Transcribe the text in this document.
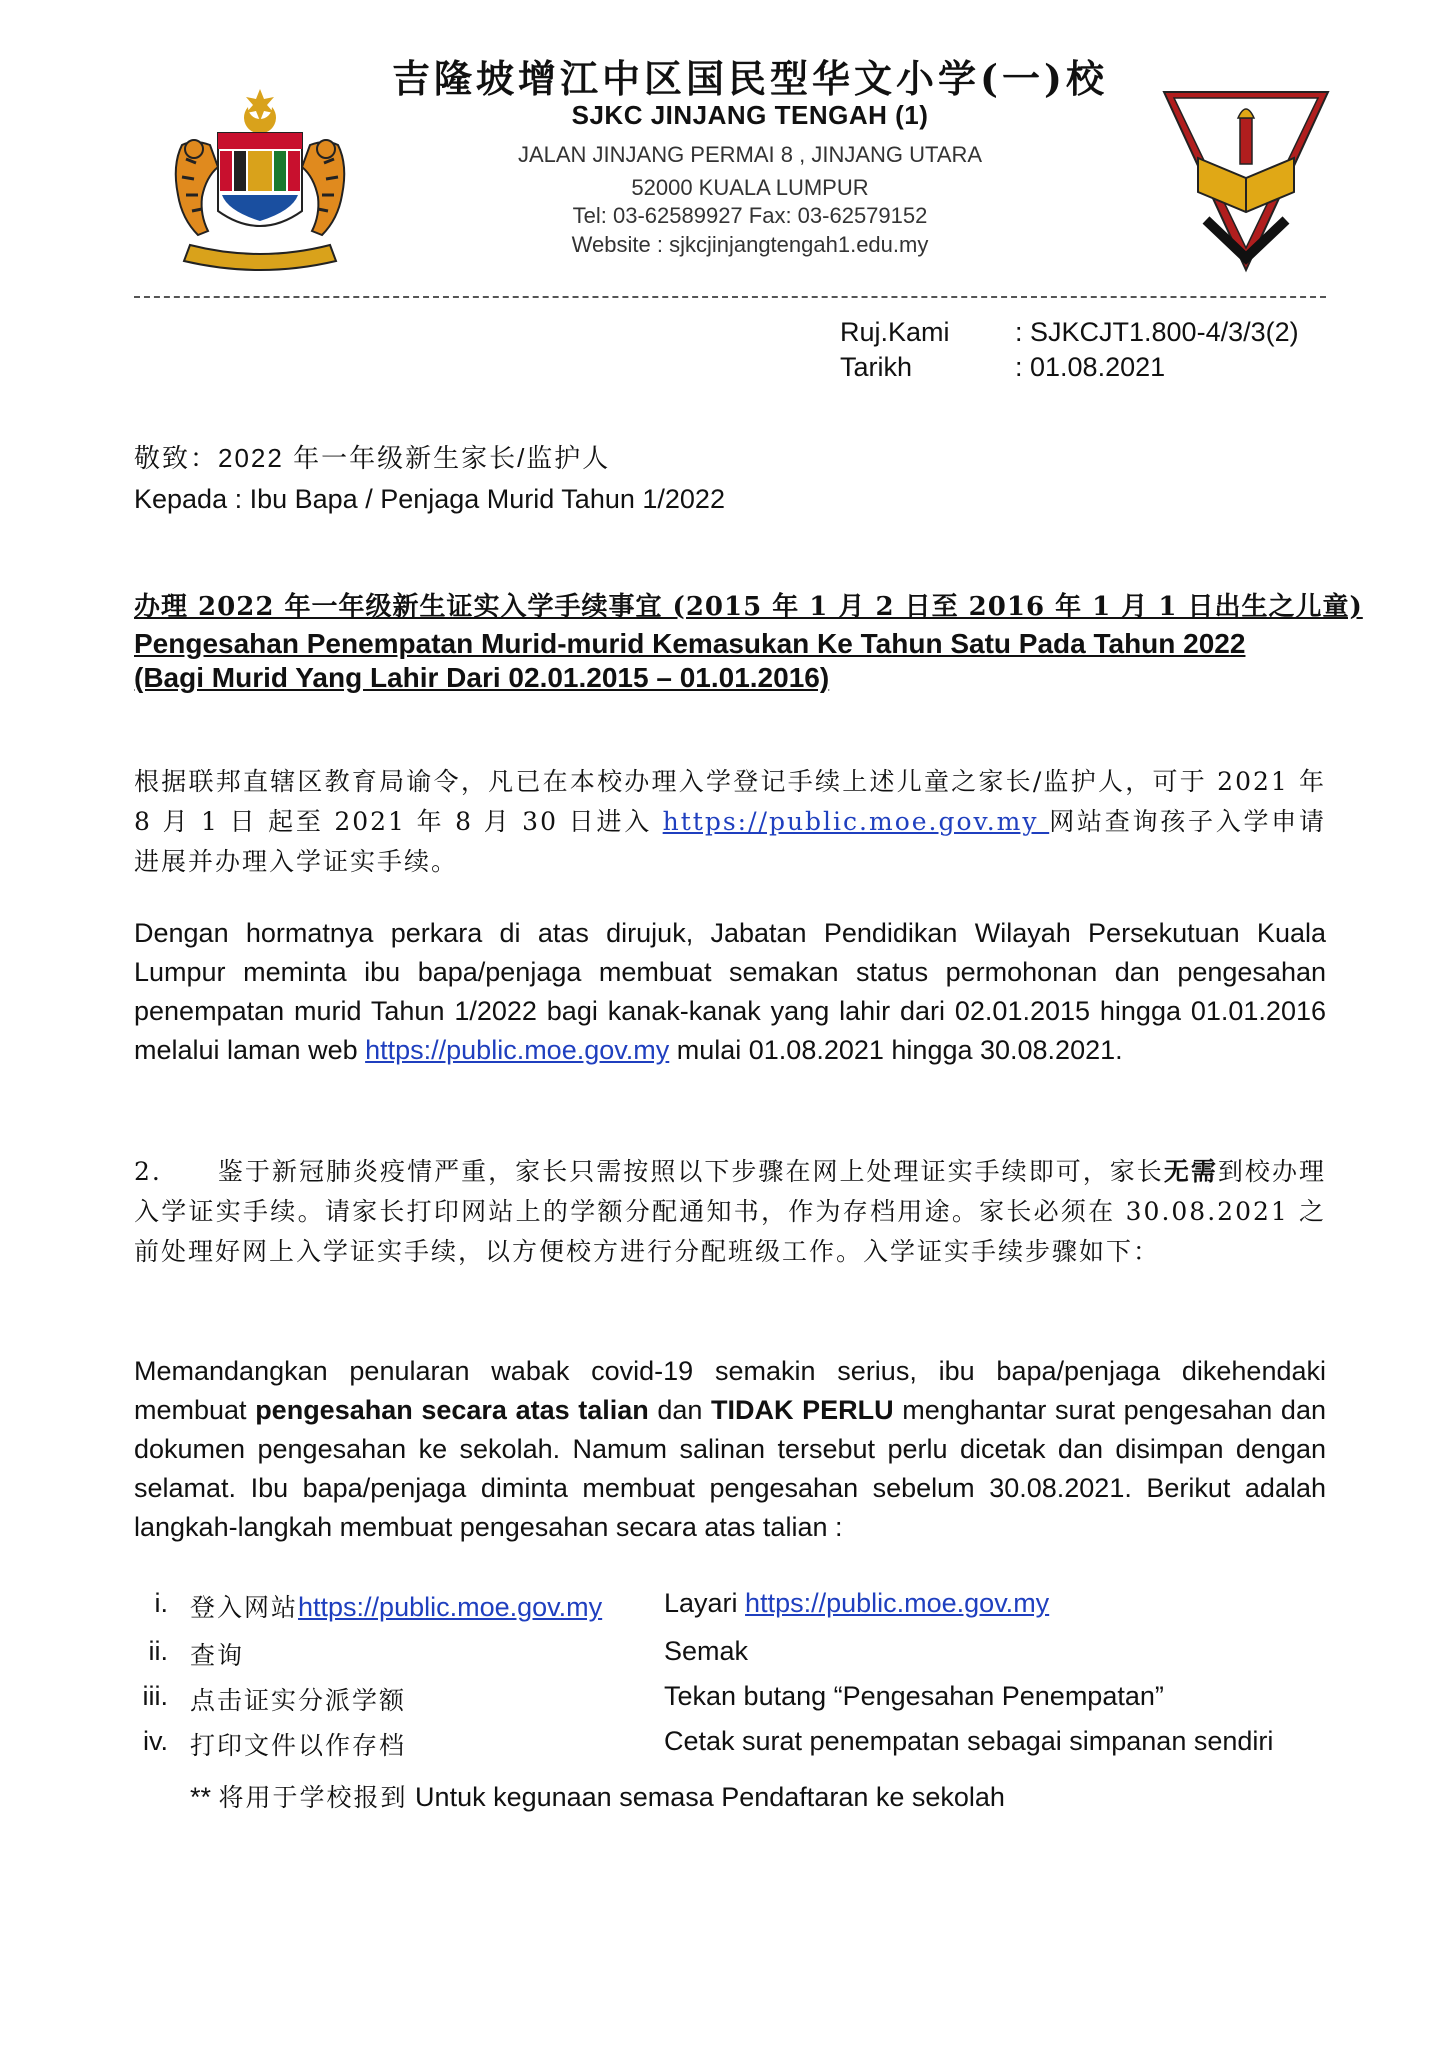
吉隆坡增江中区国民型华文小学(一)校
SJKC JINJANG TENGAH (1)
JALAN JINJANG PERMAI 8 , JINJANG UTARA
52000 KUALA LUMPUR
Tel: 03-62589927 Fax: 03-62579152
Website : sjkcjinjangtengah1.edu.my
Ruj.Kami : SJKCJT1.800-4/3/3(2)
Tarikh	: 01.08.2021
敬致：2022 年一年级新生家长/监护人
Kepada : Ibu Bapa / Penjaga Murid Tahun 1/2022
办理 2022 年一年级新生证实入学手续事宜 (2015 年 1 月 2 日至 2016 年 1 月 1 日出生之儿童)
Pengesahan Penempatan Murid-murid Kemasukan Ke Tahun Satu Pada Tahun 2022
(Bagi Murid Yang Lahir Dari 02.01.2015 – 01.01.2016)
根据联邦直辖区教育局谕令，凡已在本校办理入学登记手续上述儿童之家长/监护人，可于 2021 年 8 月 1 日 起至 2021 年 8 月 30 日进入 https://public.moe.gov.my 网站查询孩子入学申请进展并办理入学证实手续。
Dengan hormatnya perkara di atas dirujuk, Jabatan Pendidikan Wilayah Persekutuan Kuala Lumpur meminta ibu bapa/penjaga membuat semakan status permohonan dan pengesahan penempatan murid Tahun 1/2022 bagi kanak-kanak yang lahir dari 02.01.2015 hingga 01.01.2016 melalui laman web https://public.moe.gov.my mulai 01.08.2021 hingga 30.08.2021.
2. 鉴于新冠肺炎疫情严重，家长只需按照以下步骤在网上处理证实手续即可，家长无需到校办理入学证实手续。请家长打印网站上的学额分配通知书，作为存档用途。家长必须在 30.08.2021 之前处理好网上入学证实手续，以方便校方进行分配班级工作。入学证实手续步骤如下：
Memandangkan penularan wabak covid-19 semakin serius, ibu bapa/penjaga dikehendaki membuat pengesahan secara atas talian dan TIDAK PERLU menghantar surat pengesahan dan dokumen pengesahan ke sekolah. Namum salinan tersebut perlu dicetak dan disimpan dengan selamat. Ibu bapa/penjaga diminta membuat pengesahan sebelum 30.08.2021. Berikut adalah langkah-langkah membuat pengesahan secara atas talian :
i. 登入网站https://public.moe.gov.my Layari https://public.moe.gov.my
ii. 查询	Semak
iii. 点击证实分派学额	Tekan butang “Pengesahan Penempatan”
iv. 打印文件以作存档	Cetak surat penempatan sebagai simpanan sendiri
** 将用于学校报到 Untuk kegunaan semasa Pendaftaran ke sekolah
